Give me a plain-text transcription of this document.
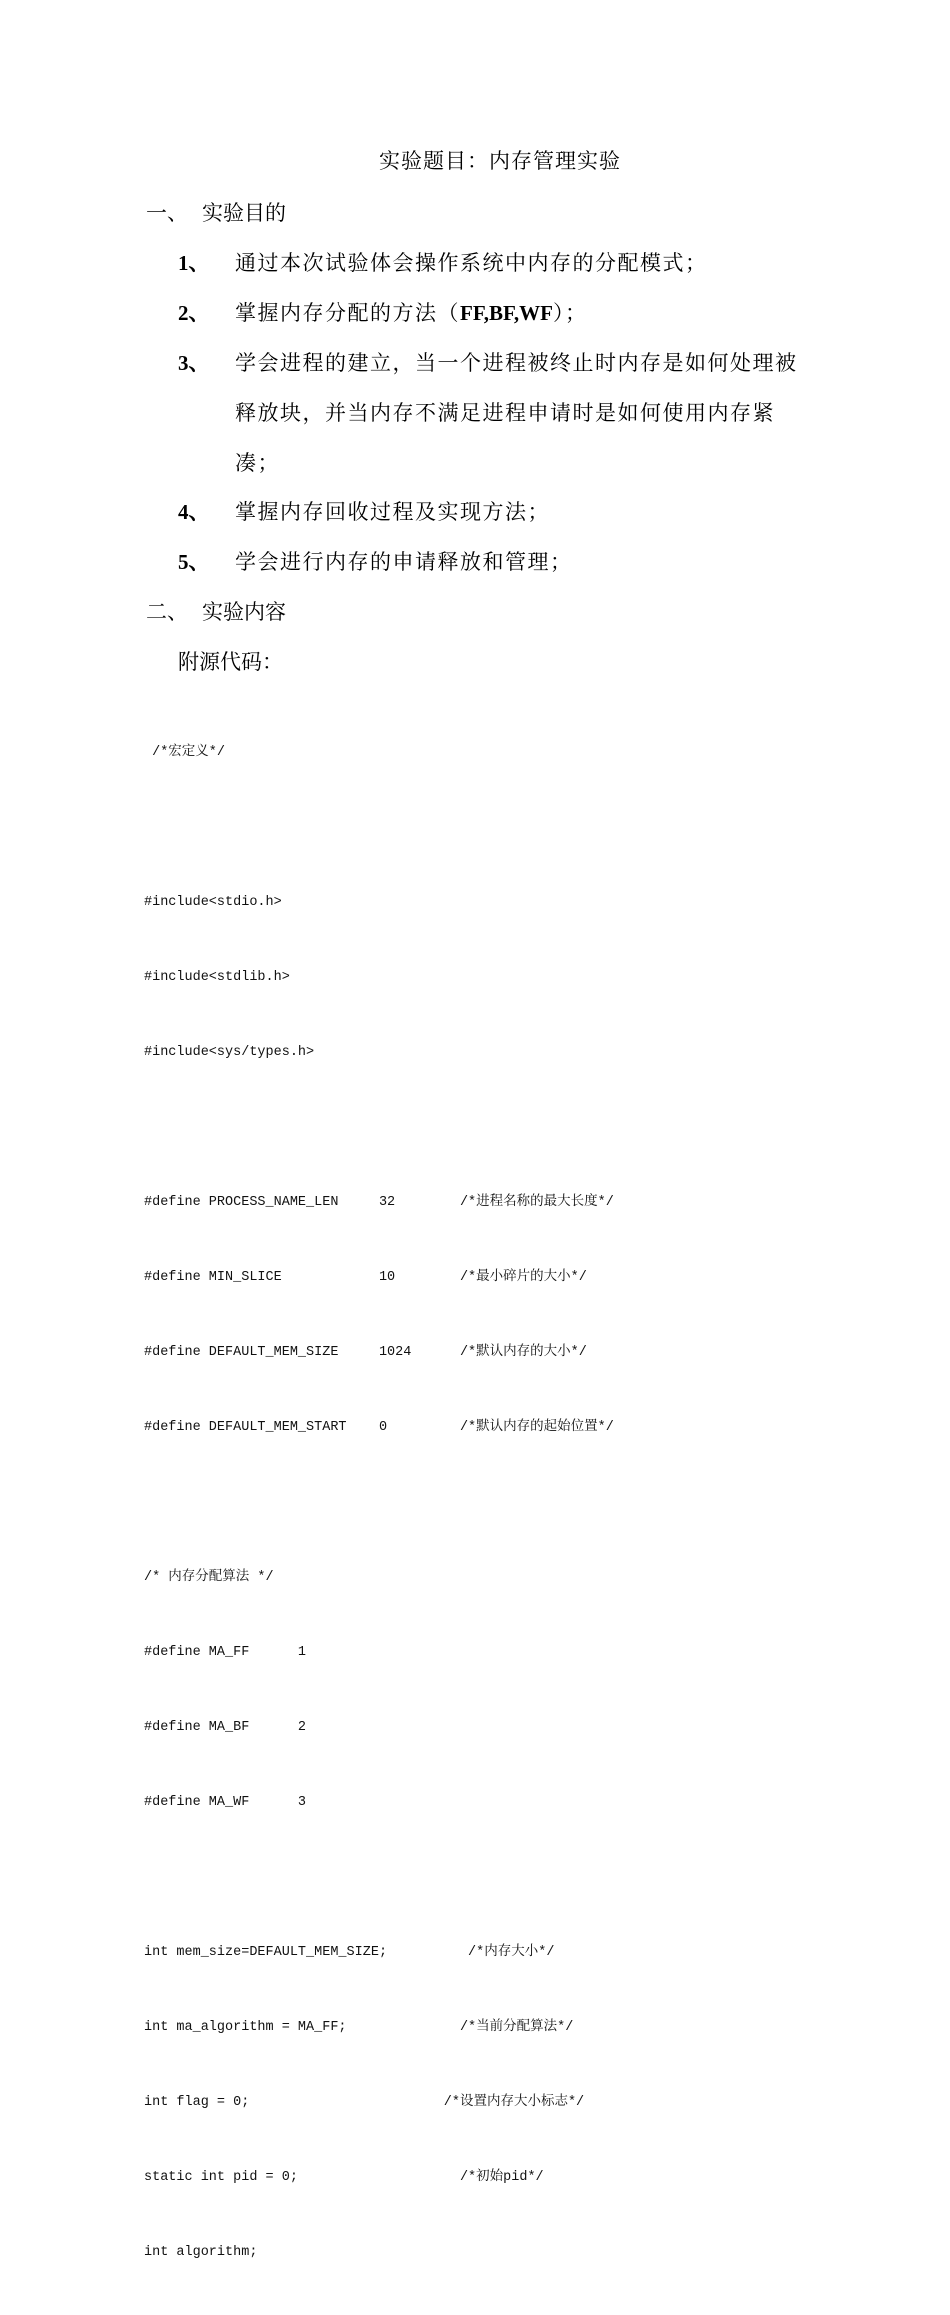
实验题目：内存管理实验
一、 实验目的
1、	通过本次试验体会操作系统中内存的分配模式；
2、	掌握内存分配的方法（FF,BF,WF）；
3、	学会进程的建立，当一个进程被终止时内存是如何处理被
释放块，并当内存不满足进程申请时是如何使用内存紧
凑；
4、	掌握内存回收过程及实现方法；
5、	学会进行内存的申请释放和管理；
二、 实验内容
附源代码：

/*宏定义*/

#include<stdio.h>

#include<stdlib.h>

#include<sys/types.h>

#define PROCESS_NAME_LEN     32        /*进程名称的最大长度*/

#define MIN_SLICE            10        /*最小碎片的大小*/

#define DEFAULT_MEM_SIZE     1024      /*默认内存的大小*/

#define DEFAULT_MEM_START    0         /*默认内存的起始位置*/

/* 内存分配算法 */

#define MA_FF      1

#define MA_BF      2

#define MA_WF      3

int mem_size=DEFAULT_MEM_SIZE;          /*内存大小*/

int ma_algorithm = MA_FF;              /*当前分配算法*/

int flag = 0;                        /*设置内存大小标志*/

static int pid = 0;                    /*初始pid*/

int algorithm;
